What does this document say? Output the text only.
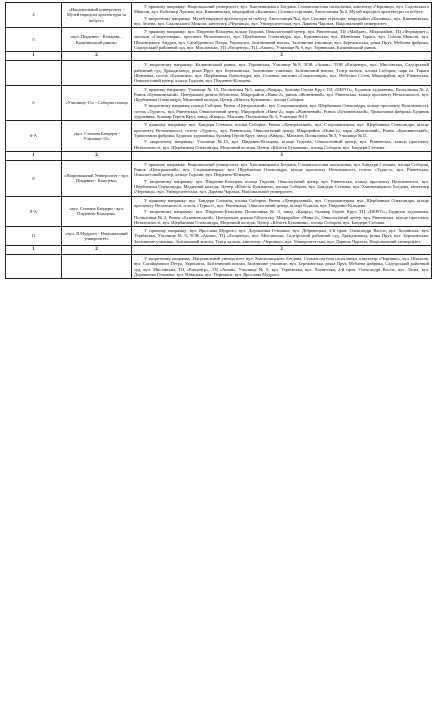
4	«Національний університет - Музей народної архітектури та побуту»	У прямому напрямку: Національний університет, вул. Хмельницького Богдана, Стоматологічна поліклініка, кінотеатр «Чернівці», вул. Садовського Миколи, вул. Кобилиці Лук'яна, вул. Кишинівська, мікрорайон «Калинка», Січових стрільців, Автостанція № 2, Музей народної архітектури та побуту.

У зворотному напрямку: Музей народної архітектури та побуту, Автостанція №2, вул. Січових стрільців, мікрорайон «Калинка», вул. Кишинівська, вул. Зелена, вул. Садовського Миколи, кінотеатр «Чернівці», вул. Університетська, вул. Дарвіна Чарльза, Національний університет.

5	«вул. Південно - Кільцева – Калинівський ринок»	У прямому напрямку: вул. Південно-Кільцева, кільце Годилів, Онкологічний центр, вул. Рівненська, ТЦ «Майдан», Мікрорайон, ТЦ «Формаркет», магазин «Спортговари», проспект Незалежності, вул. Щербанюка Олександра, вул. Буковинська, вул. Шевченка Тараса, вул. Гоголя Миколи, вул. Шептицького Андрея, вул. Сагайдачного Петра, Укрпошта, Залізничний вокзал, Залізничне училище, вул. Бережанська, річка Прут, Меблева фабрика, Садгірський районний суд, вул. Мислівська, ТЦ «Епіцентр», ТЦ «Ашан», Училище № 9, вул. Тернівська, Калинівський ринок.

1	2	3

		У зворотному напрямку: Калинівський ринок, вул. Тернівська, Училище №9, ТОВ «Ашан», ТОВ «Епіцентр», вул. Мислівська, Садгірський районний суд, Дріжджзавод, річка Прут, вул. Бережанська, Залізничне училище, Залізничний вокзал, Театр ляльок, площа Соборна, парк ім. Тараса Шевченка, готель «Буковина», вул. Щербанюка Олександра, вул. Головна, магазин «Спортговари», вул. Небесної Сотні, Мікрорайон, вул. Рівненська, Онкологічний центр, кільце Годилів, вул. Південно-Кільцева.

6	«Училище-15» - Соборна площа	У прямому напрямку: Училище № 15, Поліклініка №3, завод «Кварц», бульвар Героїв Крут, ТЦ «DEPO't», Будинок художника, Поліклініка № 2, Ринок «Буковинський», Центральна дитяча бібліотека, Мікрорайон «Нива-2», ринок «Жовтневий», вул. Рівненська, кільце проспекту Незалежності, вул. Щербанюка Олександра, Медичний коледж, Центр «Юність Буковини», площа Соборна.

У зворотному напрямку площа Соборна, Ринок «Центральний», вул. Сторожинецька, вул. Щербанюка Олександра, кільце проспекту Незалежності, готель «Турист», вул. Рівненська, Онкологічний центр, Мікрорайон «Нива-2», парк «Жовтневий», Ринок «Буковинський», Трикотажна фабрика, Будинок художника, бульвар Героїв Крут, завод «Кварц», Магазин, Поліклініка № 3, Училище №15.

6-А	«вул. Степана Бандери - Училище-15»	У прямому напрямку: вул. Бандери Степана, площа Соборна, Ринок «Центральний», вул. Сторожинецька, вул. Щербанюка Олександра, кільце проспекту Незалежності, готель «Турист», вул. Рівненська, Онкологічний центр, Мікрорайон «Нива-2», парк «Жовтневий», Ринок «Буковинський», Трикотажна фабрика, Будинок художника, бульвар Героїв Крут, завод «Кварц», Магазин, Поліклініка № 3, Училище №15.

У зворотному напрямку: Училище №15, вул. Південно-Кільцева, кільце Годилів, Онкологічний центр, вул. Рівненська, кільце проспекту Незалежності, вул. Щербанюка Олександра, Медичний коледж, Центр «Юність Буковини», площа Соборна, вул. Бандери Степана.

1	2	3
8	«Національний Університет - вул. Південно - Кільцева»	У прямому напрямку: Національний університет, вул. Хмельницького Богдана, Стоматологічна поліклініка, вул. Бандери Степана, площа Соборна, Ринок «Центральний», вул. Сторожинецька, вул. Щербанюка Олександра, кільце проспекту Незалежності, готель «Турист», вул. Рівненська, Онкологічний центр, кільце Годилів, вул. Південно-Кільцева.

У зворотному напрямку: вул. Південно-Кільцева, кільце Годилів, Онкологічний центр, вул. Рівненська, кільце проспекту Незалежності, вул. Щербанюка Олександра, Медичний коледж, Центр «Юність Буковини», площа Соборна, вул. Бандери Степана, вул. Хмельницького Богдана, кінотеатр «Чернівці», вул. Університетська, вул. Дарвіна Чарльза, Національний університет.

8-А	«вул. Степана Бандери - вул. Південно-Кільцева»	У прямому напрямку: вул. Бандери Степана, площа Соборна, Ринок «Центральний», вул. Сторожинецька, вул. Щербанюка Олександра, кільце проспекту Незалежності, готель «Турист», вул. Рівненська, Онкологічний центр, кільце Годилів, вул. Південно-Кільцева.

У зворотному напрямку: вул. Південно-Кільцева, Поліклініка № 3, завод «Кварц», бульвар Героїв Крут, ТЦ «DEPO't», Будинок художника, Поліклініка № 2, Ринок «Буковинський», Центральна дитяча бібліотека, Мікрорайон «Нива-2», Онкологічний центр, вул. Рівненська, кільце проспекту Незалежності, вул. Щербанюка Олександра, Медичний коледж, Центр «Юність Буковини», площа Соборна, вул. Бандери Степана.

11	«вул. Я.Мудрого - Національний університет»	У прямому напрямку: вул. Ярослава Мудрого, вул. Дорошенка Гетьмана, вул. Дібровецька, 2-й пров. Олександрі Васілє, вул. Хотинська, вул. Тернівська, Училище № 9, ТОВ «Ашан», ТЦ «Епіцентр», вул. Мислівська, Садгірський районний суд, Дріжджзавод, річка Прут, вул. Бережанська, Залізничне училище, Залізничний вокзал, Театр ляльок, кінотеатр «Чернівці», вул. Університетська, вул. Дарвіна Чарльза, Національний університет.

1	2	3

		У зворотному напрямку: Національний університет, вул. Хмельницького Богдана, Стоматологічна поліклініка, кінотеатр «Чернівці», вул. Шкільна, вул. Сагайдачного Петра, Укрпошта, Залізничний вокзал, Залізничне училище, вул. Бережанська, річка Прут, Меблева фабрика, Садгірський районний суд, вул. Мислівська, ТЦ «Епіцентр», ТЦ «Ашан», Училище № 9, вул. Тернівська, вул. Хотинська, 2-й пров. Олександрі Васілє, вул. Лісна, вул. Дорошенка Гетьмана, вул. Юнацька, вул. Перемоги, вул. Ярослава Мудрого.
